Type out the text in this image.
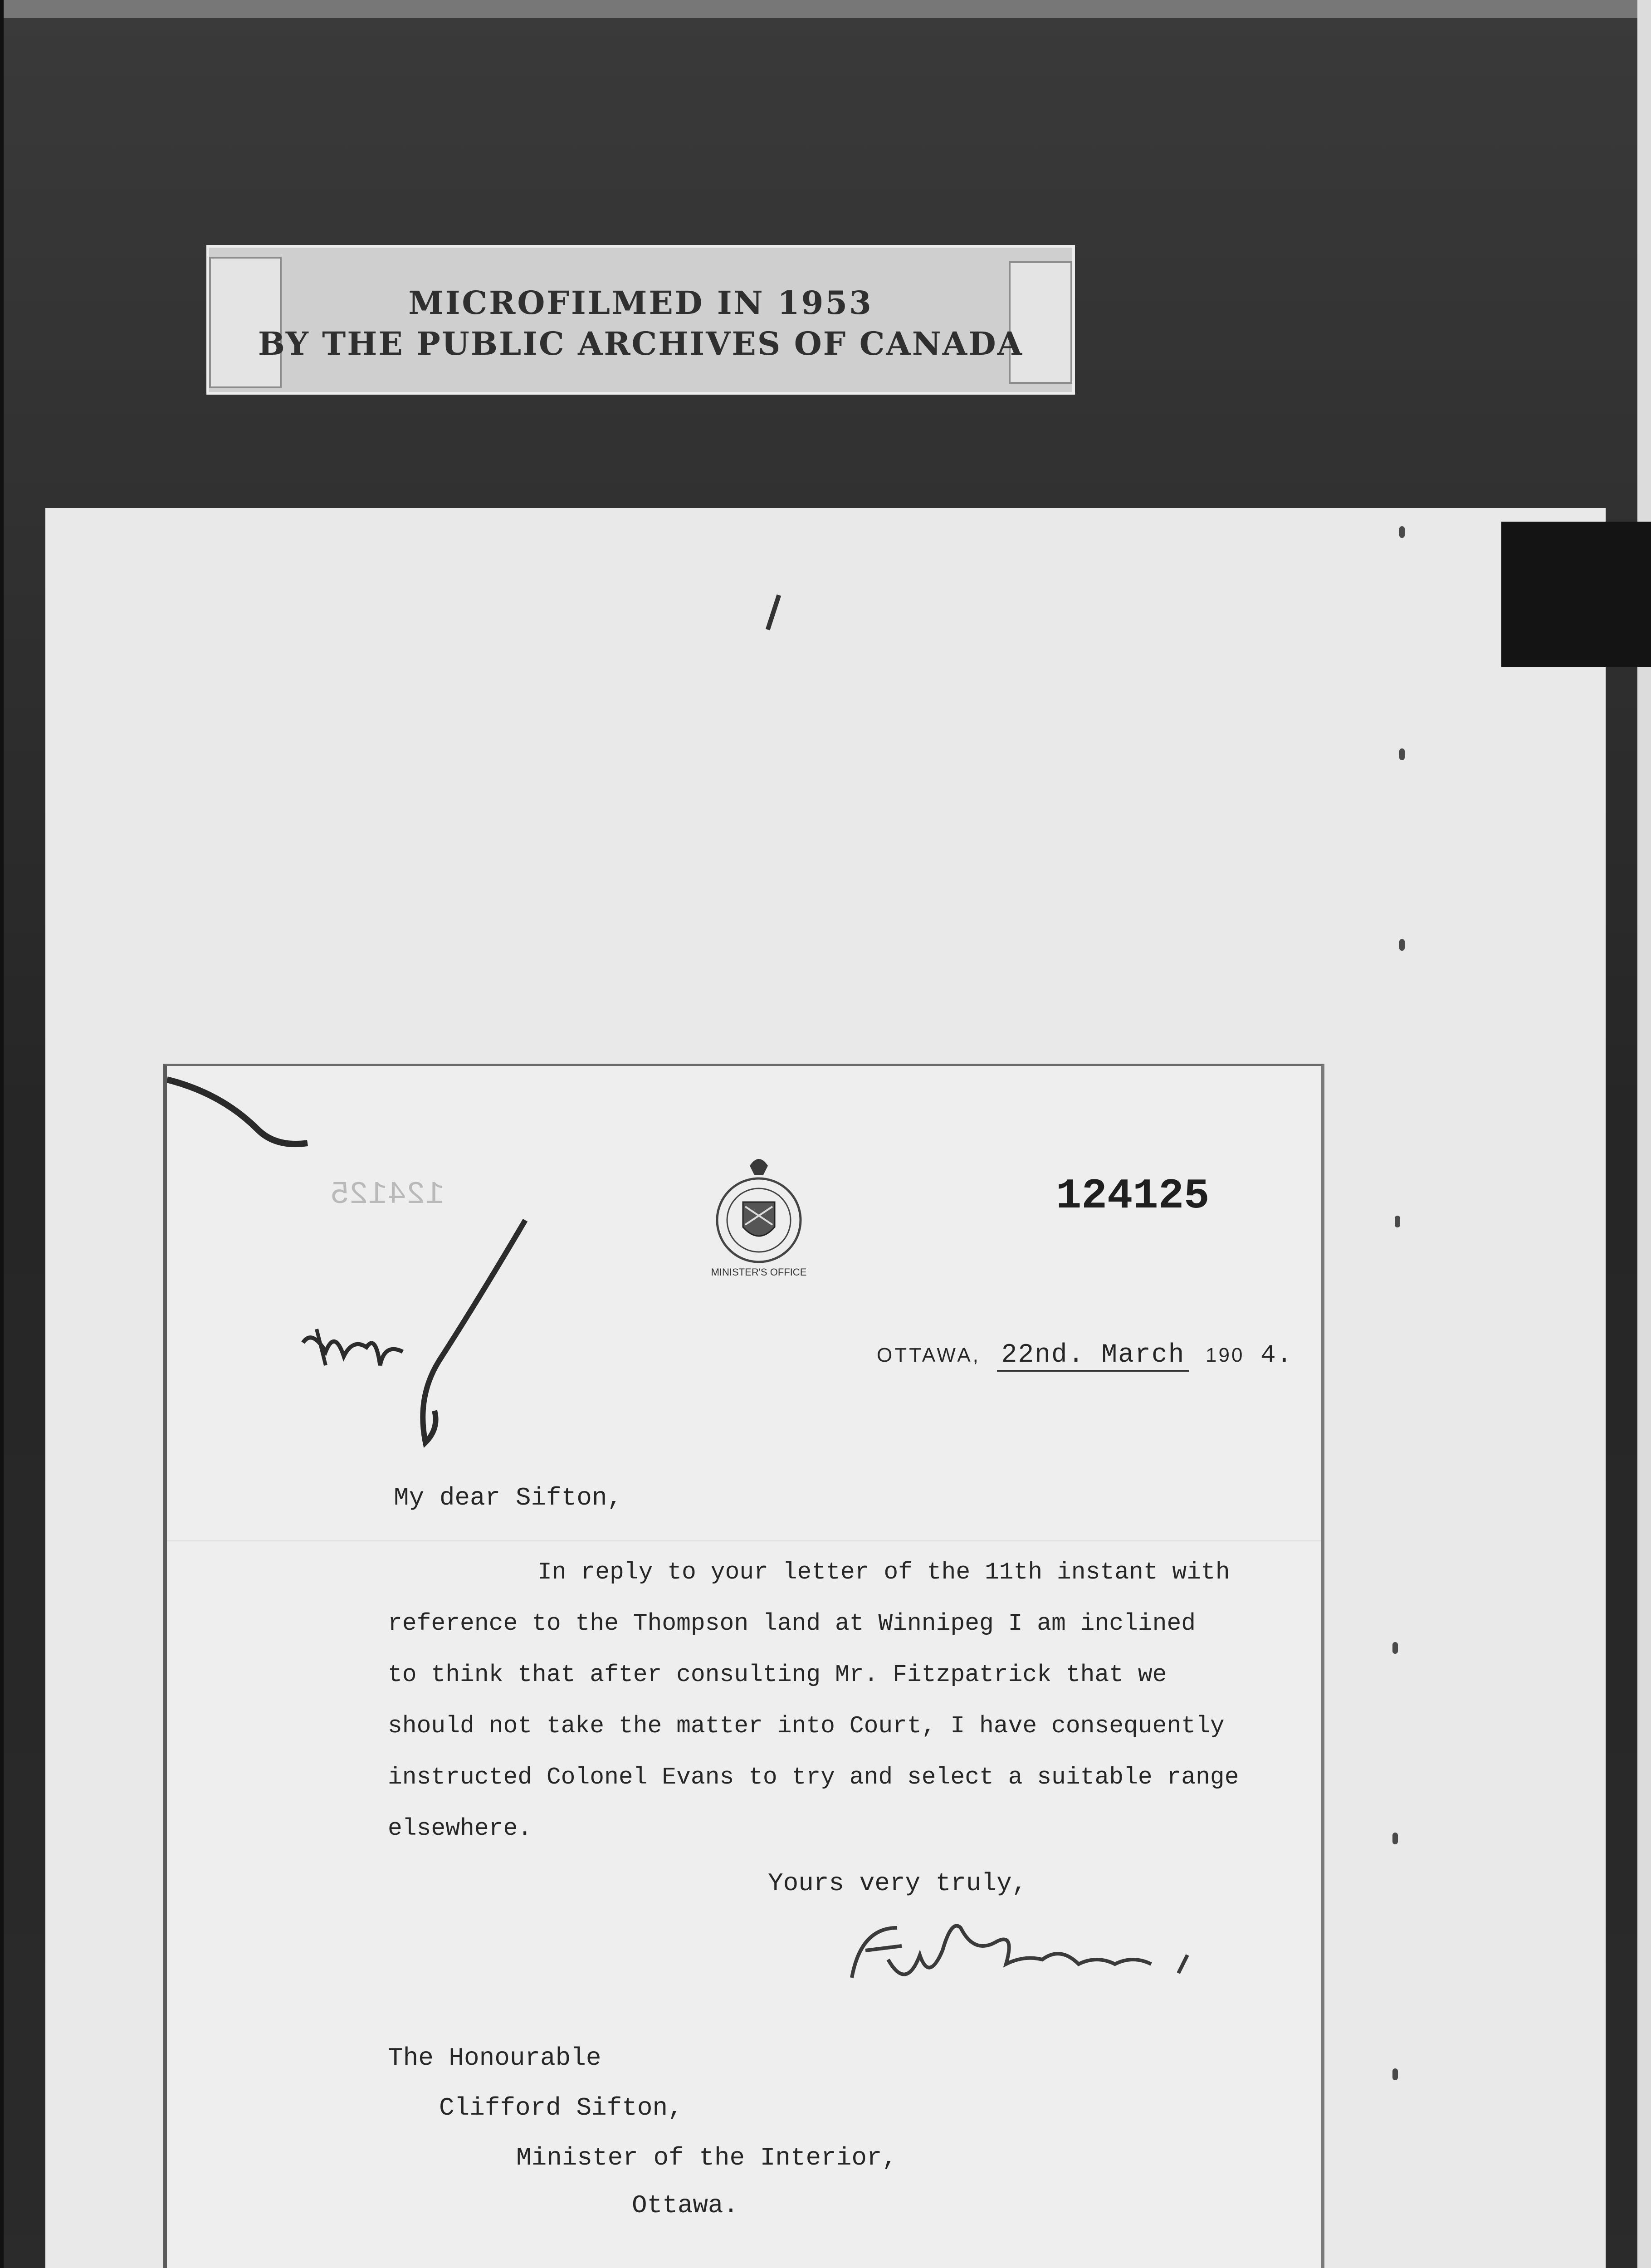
MICROFILMED IN 1953
BY THE PUBLIC ARCHIVES OF CANADA
124125
MINISTER'S OFFICE
124125
OTTAWA, 22nd. March 190 4.
My dear Sifton,
In reply to your letter of the 11th instant with
reference to the Thompson land at Winnipeg I am inclined
to think that after consulting Mr. Fitzpatrick that we
should not take the matter into Court, I have consequently
instructed Colonel Evans to try and select a suitable range
elsewhere.
Yours very truly,
The Honourable
Clifford Sifton,
Minister of the Interior,
Ottawa.
